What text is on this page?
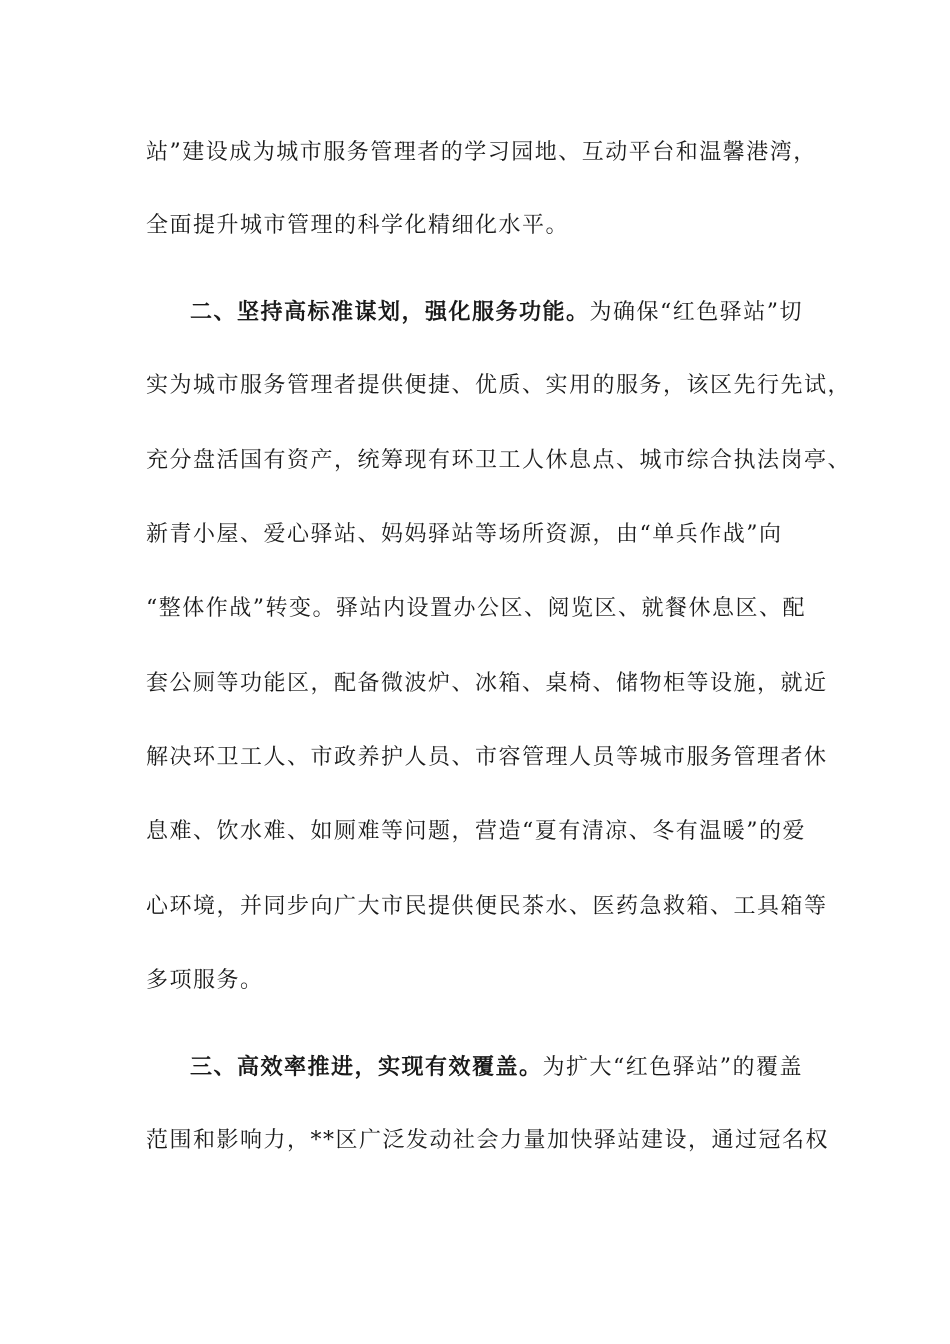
站”建设成为城市服务管理者的学习园地、互动平台和温馨港湾，
全面提升城市管理的科学化精细化水平。
二、坚持高标准谋划，强化服务功能。为确保“红色驿站”切
实为城市服务管理者提供便捷、优质、实用的服务，该区先行先试，
充分盘活国有资产，统筹现有环卫工人休息点、城市综合执法岗亭、
新青小屋、爱心驿站、妈妈驿站等场所资源，由“单兵作战”向
“整体作战”转变。驿站内设置办公区、阅览区、就餐休息区、配
套公厕等功能区，配备微波炉、冰箱、桌椅、储物柜等设施，就近
解决环卫工人、市政养护人员、市容管理人员等城市服务管理者休
息难、饮水难、如厕难等问题，营造“夏有清凉、冬有温暖”的爱
心环境，并同步向广大市民提供便民茶水、医药急救箱、工具箱等
多项服务。
三、高效率推进，实现有效覆盖。为扩大“红色驿站”的覆盖
范围和影响力，**区广泛发动社会力量加快驿站建设，通过冠名权
